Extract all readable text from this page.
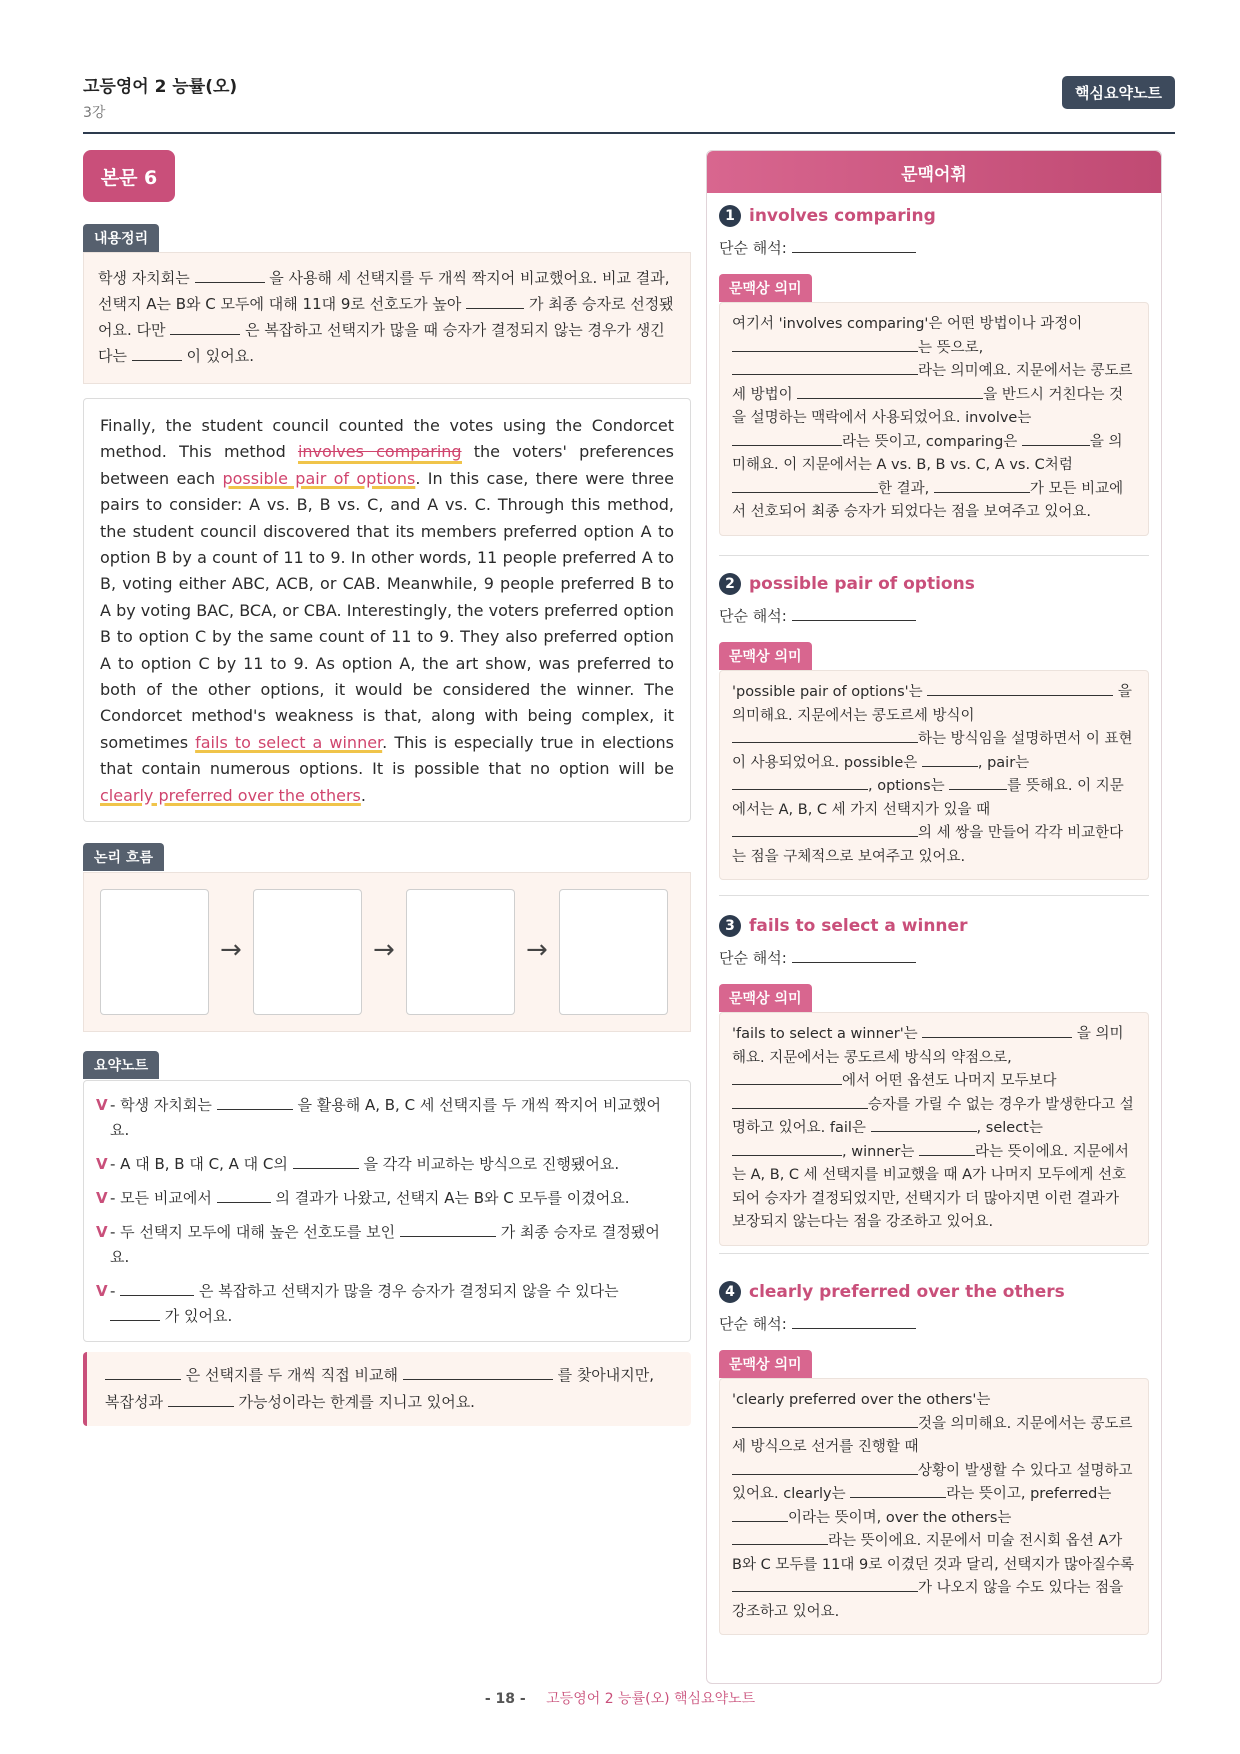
고등영어 2 능률(오)
3강
핵심요약노트
본문 6
내용정리
학생 자치회는	을 사용해 세 선택지를 두 개씩 짝지어 비교했어요. 비교 결과, 선택지 A는 B와 C 모두에 대해 11대 9로 선호도가 높아	가 최종 승자로 선정됐어요. 다만	은 복잡하고 선택지가 많을 때 승자가 결정되지 않는 경우가 생긴다는	이 있어요.
Finally, the student council counted the votes using the Condorcet method. This method involves comparing the voters' preferences between each possible pair of options. In this case, there were three pairs to consider: A vs. B, B vs. C, and A vs. C. Through this method, the student council discovered that its members preferred option A to option B by a count of 11 to 9. In other words, 11 people preferred A to B, voting either ABC, ACB, or CAB. Meanwhile, 9 people preferred B to A by voting BAC, BCA, or CBA. Interestingly, the voters preferred option B to option C by the same count of 11 to 9. They also preferred option A to option C by 11 to 9. As option A, the art show, was preferred to both of the other options, it would be considered the winner. The Condorcet method's weakness is that, along with being complex, it sometimes fails to select a winner. This is especially true in elections that contain numerous options. It is possible that no option will be clearly preferred over the others.
논리 흐름
→	→	→
요약노트
V - 학생 자치회는	을 활용해 A, B, C 세 선택지를 두 개씩 짝지어 비교했어요.
V - A 대 B, B 대 C, A 대 C의	을 각각 비교하는 방식으로 진행됐어요.
V - 모든 비교에서	의 결과가 나왔고, 선택지 A는 B와 C 모두를 이겼어요.
V - 두 선택지 모두에 대해 높은 선호도를 보인	가 최종 승자로 결정됐어요.
V -	은 복잡하고 선택지가 많을 경우 승자가 결정되지 않을 수 있다는
가 있어요.
은 선택지를 두 개씩 직접 비교해	를 찾아내지만,
복잡성과	가능성이라는 한계를 지니고 있어요.
문맥어휘
1 involves comparing
단순 해석:
문맥상 의미
여기서 'involves comparing'은 어떤 방법이나 과정이
는 뜻으로,
라는 의미예요. 지문에서는 콩도르세 방법이	을 반드시 거친다는 것을 설명하는 맥락에서 사용되었어요. involve는
라는 뜻이고, comparing은	을 의미해요. 이 지문에서는 A vs. B, B vs. C, A vs. C처럼
한 결과,	가 모든 비교에서 선호되어 최종 승자가 되었다는 점을 보여주고 있어요.
2 possible pair of options
단순 해석:
문맥상 의미
'possible pair of options'는	을 의미해요. 지문에서는 콩도르세 방식이
하는 방식임을 설명하면서 이 표현이 사용되었어요. possible은	, pair는
, options는	를 뜻해요. 이 지문에서는 A, B, C 세 가지 선택지가 있을 때
의 세 쌍을 만들어 각각 비교한다는 점을 구체적으로 보여주고 있어요.
3 fails to select a winner
단순 해석:
문맥상 의미
'fails to select a winner'는	을 의미해요. 지문에서는 콩도르세 방식의 약점으로,
에서 어떤 옵션도 나머지 모두보다
승자를 가릴 수 없는 경우가 발생한다고 설명하고 있어요. fail은	, select는
, winner는	라는 뜻이에요. 지문에서는 A, B, C 세 선택지를 비교했을 때 A가 나머지 모두에게 선호되어 승자가 결정되었지만, 선택지가 더 많아지면 이런 결과가 보장되지 않는다는 점을 강조하고 있어요.
4 clearly preferred over the others
단순 해석:
문맥상 의미
'clearly preferred over the others'는
것을 의미해요. 지문에서는 콩도르세 방식으로 선거를 진행할 때
상황이 발생할 수 있다고 설명하고 있어요. clearly는	라는 뜻이고, preferred는 이라는 뜻이며, over the others는
라는 뜻이에요. 지문에서 미술 전시회 옵션 A가 B와 C 모두를 11대 9로 이겼던 것과 달리, 선택지가 많아질수록 가 나오지 않을 수도 있다는 점을 강조하고 있어요.
- 18 - 고등영어 2 능률(오) 핵심요약노트
